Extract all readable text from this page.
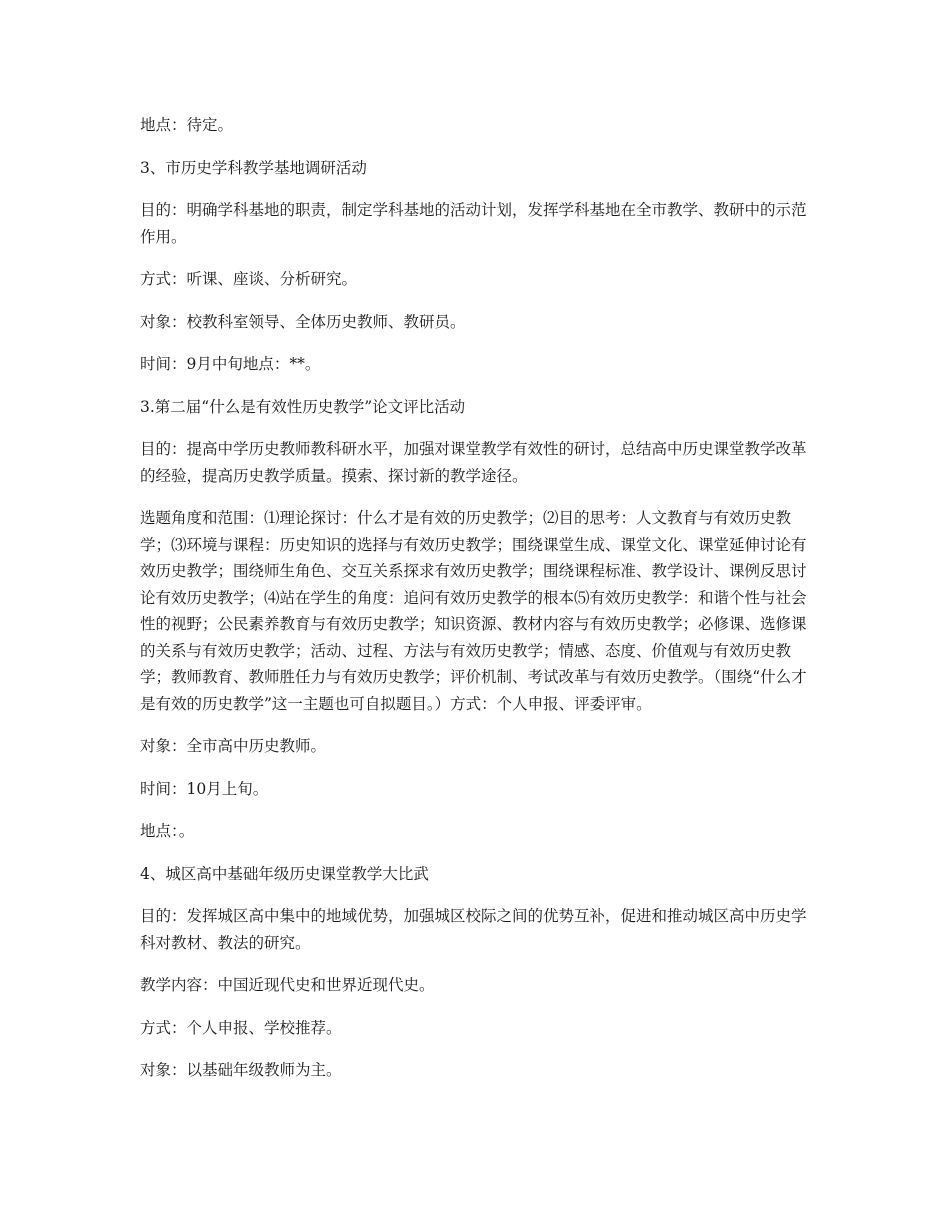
地点：待定。

3、市历史学科教学基地调研活动

目的：明确学科基地的职责，制定学科基地的活动计划，发挥学科基地在全市教学、教研中的示范作用。

方式：听课、座谈、分析研究。

对象：校教科室领导、全体历史教师、教研员。

时间：9月中旬地点：**。

3.第二届“什么是有效性历史教学”论文评比活动

目的：提高中学历史教师教科研水平，加强对课堂教学有效性的研讨，总结高中历史课堂教学改革的经验，提高历史教学质量。摸索、探讨新的教学途径。

选题角度和范围：⑴理论探讨：什么才是有效的历史教学；⑵目的思考：人文教育与有效历史教学；⑶环境与课程：历史知识的选择与有效历史教学；围绕课堂生成、课堂文化、课堂延伸讨论有效历史教学；围绕师生角色、交互关系探求有效历史教学；围绕课程标准、教学设计、课例反思讨论有效历史教学；⑷站在学生的角度：追问有效历史教学的根本⑸有效历史教学：和谐个性与社会性的视野；公民素养教育与有效历史教学；知识资源、教材内容与有效历史教学；必修课、选修课的关系与有效历史教学；活动、过程、方法与有效历史教学；情感、态度、价值观与有效历史教学；教师教育、教师胜任力与有效历史教学；评价机制、考试改革与有效历史教学。（围绕“什么才是有效的历史教学”这一主题也可自拟题目。）方式：个人申报、评委评审。

对象：全市高中历史教师。

时间：10月上旬。

地点：。

4、城区高中基础年级历史课堂教学大比武

目的：发挥城区高中集中的地域优势，加强城区校际之间的优势互补，促进和推动城区高中历史学科对教材、教法的研究。

教学内容：中国近现代史和世界近现代史。

方式：个人申报、学校推荐。

对象：以基础年级教师为主。
